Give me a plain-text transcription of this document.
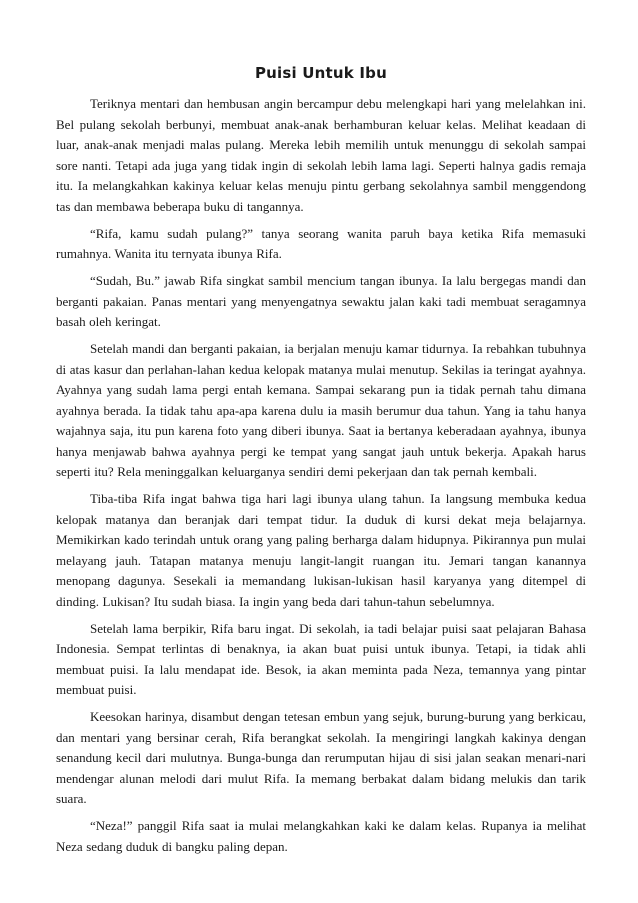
Puisi Untuk Ibu

Teriknya mentari dan hembusan angin bercampur debu melengkapi hari yang melelahkan ini. Bel pulang sekolah berbunyi, membuat anak-anak berhamburan keluar kelas. Melihat keadaan di luar, anak-anak menjadi malas pulang. Mereka lebih memilih untuk menunggu di sekolah sampai sore nanti. Tetapi ada juga yang tidak ingin di sekolah lebih lama lagi. Seperti halnya gadis remaja itu. Ia melangkahkan kakinya keluar kelas menuju pintu gerbang sekolahnya sambil menggendong tas dan membawa beberapa buku di tangannya.

“Rifa, kamu sudah pulang?” tanya seorang wanita paruh baya ketika Rifa memasuki rumahnya. Wanita itu ternyata ibunya Rifa.

“Sudah, Bu.” jawab Rifa singkat sambil mencium tangan ibunya. Ia lalu bergegas mandi dan berganti pakaian. Panas mentari yang menyengatnya sewaktu jalan kaki tadi membuat seragamnya basah oleh keringat.

Setelah mandi dan berganti pakaian, ia berjalan menuju kamar tidurnya. Ia rebahkan tubuhnya di atas kasur dan perlahan-lahan kedua kelopak matanya mulai menutup. Sekilas ia teringat ayahnya. Ayahnya yang sudah lama pergi entah kemana. Sampai sekarang pun ia tidak pernah tahu dimana ayahnya berada. Ia tidak tahu apa-apa karena dulu ia masih berumur dua tahun. Yang ia tahu hanya wajahnya saja, itu pun karena foto yang diberi ibunya. Saat ia bertanya keberadaan ayahnya, ibunya hanya menjawab bahwa ayahnya pergi ke tempat yang sangat jauh untuk bekerja. Apakah harus seperti itu? Rela meninggalkan keluarganya sendiri demi pekerjaan dan tak pernah kembali.

Tiba-tiba Rifa ingat bahwa tiga hari lagi ibunya ulang tahun. Ia langsung membuka kedua kelopak matanya dan beranjak dari tempat tidur. Ia duduk di kursi dekat meja belajarnya. Memikirkan kado terindah untuk orang yang paling berharga dalam hidupnya. Pikirannya pun mulai melayang jauh. Tatapan matanya menuju langit-langit ruangan itu. Jemari tangan kanannya menopang dagunya. Sesekali ia memandang lukisan-lukisan hasil karyanya yang ditempel di dinding. Lukisan? Itu sudah biasa. Ia ingin yang beda dari tahun-tahun sebelumnya.

Setelah lama berpikir, Rifa baru ingat. Di sekolah, ia tadi belajar puisi saat pelajaran Bahasa Indonesia. Sempat terlintas di benaknya, ia akan buat puisi untuk ibunya. Tetapi, ia tidak ahli membuat puisi. Ia lalu mendapat ide. Besok, ia akan meminta pada Neza, temannya yang pintar membuat puisi.

Keesokan harinya, disambut dengan tetesan embun yang sejuk, burung-burung yang berkicau, dan mentari yang bersinar cerah, Rifa berangkat sekolah. Ia mengiringi langkah kakinya dengan senandung kecil dari mulutnya. Bunga-bunga dan rerumputan hijau di sisi jalan seakan menari-nari mendengar alunan melodi dari mulut Rifa. Ia memang berbakat dalam bidang melukis dan tarik suara.

“Neza!” panggil Rifa saat ia mulai melangkahkan kaki ke dalam kelas. Rupanya ia melihat Neza sedang duduk di bangku paling depan.
